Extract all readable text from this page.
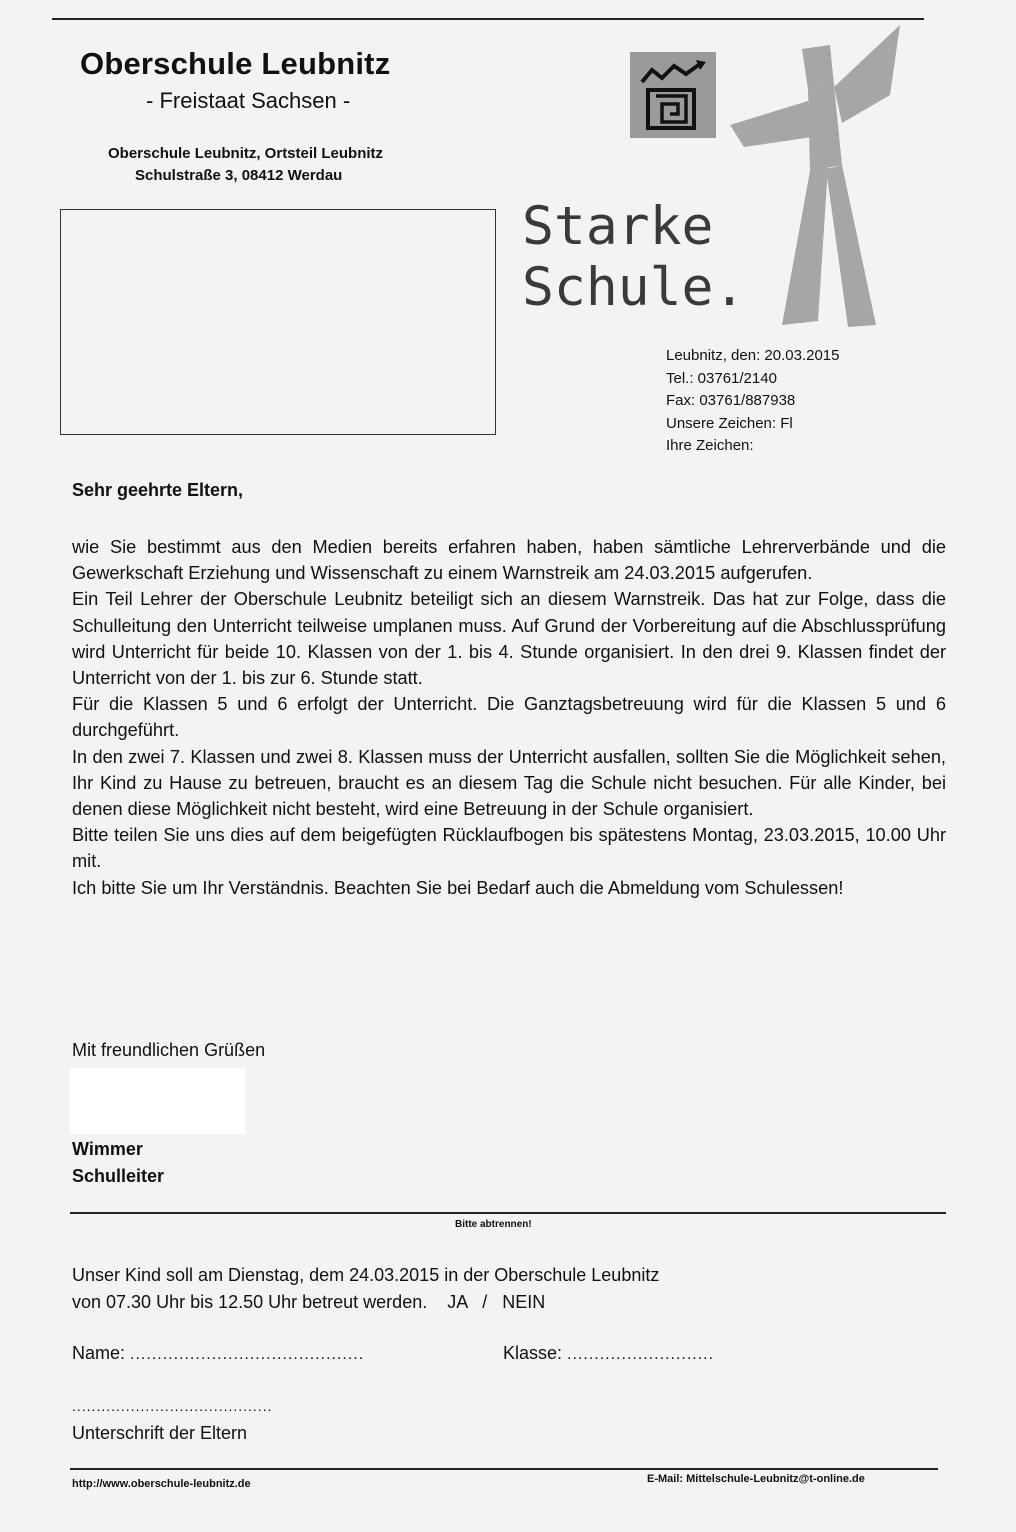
Oberschule Leubnitz
- Freistaat Sachsen -
Oberschule Leubnitz, Ortsteil Leubnitz
Schulstraße 3, 08412 Werdau
Starke
Schule.
Leubnitz, den: 20.03.2015
Tel.: 03761/2140
Fax: 03761/887938
Unsere Zeichen: Fl
Ihre Zeichen:
Sehr geehrte Eltern,

wie Sie bestimmt aus den Medien bereits erfahren haben, haben sämtliche Lehrerverbände und die Gewerkschaft Erziehung und Wissenschaft zu einem Warnstreik am 24.03.2015 aufgerufen.

Ein Teil Lehrer der Oberschule Leubnitz beteiligt sich an diesem Warnstreik. Das hat zur Folge, dass die Schulleitung den Unterricht teilweise umplanen muss. Auf Grund der Vorbereitung auf die Abschlussprüfung wird Unterricht für beide 10. Klassen von der 1. bis 4. Stunde organisiert. In den drei 9. Klassen findet der Unterricht von der 1. bis zur 6. Stunde statt.

Für die Klassen 5 und 6 erfolgt der Unterricht. Die Ganztagsbetreuung wird für die Klassen 5 und 6 durchgeführt.

In den zwei 7. Klassen und zwei 8. Klassen muss der Unterricht ausfallen, sollten Sie die Möglichkeit sehen, Ihr Kind zu Hause zu betreuen, braucht es an diesem Tag die Schule nicht besuchen. Für alle Kinder, bei denen diese Möglichkeit nicht besteht, wird eine Betreuung in der Schule organisiert.

Bitte teilen Sie uns dies auf dem beigefügten Rücklaufbogen bis spätestens Montag, 23.03.2015, 10.00 Uhr mit.

Ich bitte Sie um Ihr Verständnis. Beachten Sie bei Bedarf auch die Abmeldung vom Schulessen!

Mit freundlichen Grüßen
Wimmer
Schulleiter
Bitte abtrennen!
Unser Kind soll am Dienstag, dem 24.03.2015 in der Oberschule Leubnitz
von 07.30 Uhr bis 12.50 Uhr betreut werden. JA / NEIN
Name: ...........................................	Klasse: ...........................
.........................................
Unterschrift der Eltern
http://www.oberschule-leubnitz.de	E-Mail: Mittelschule-Leubnitz@t-online.de
